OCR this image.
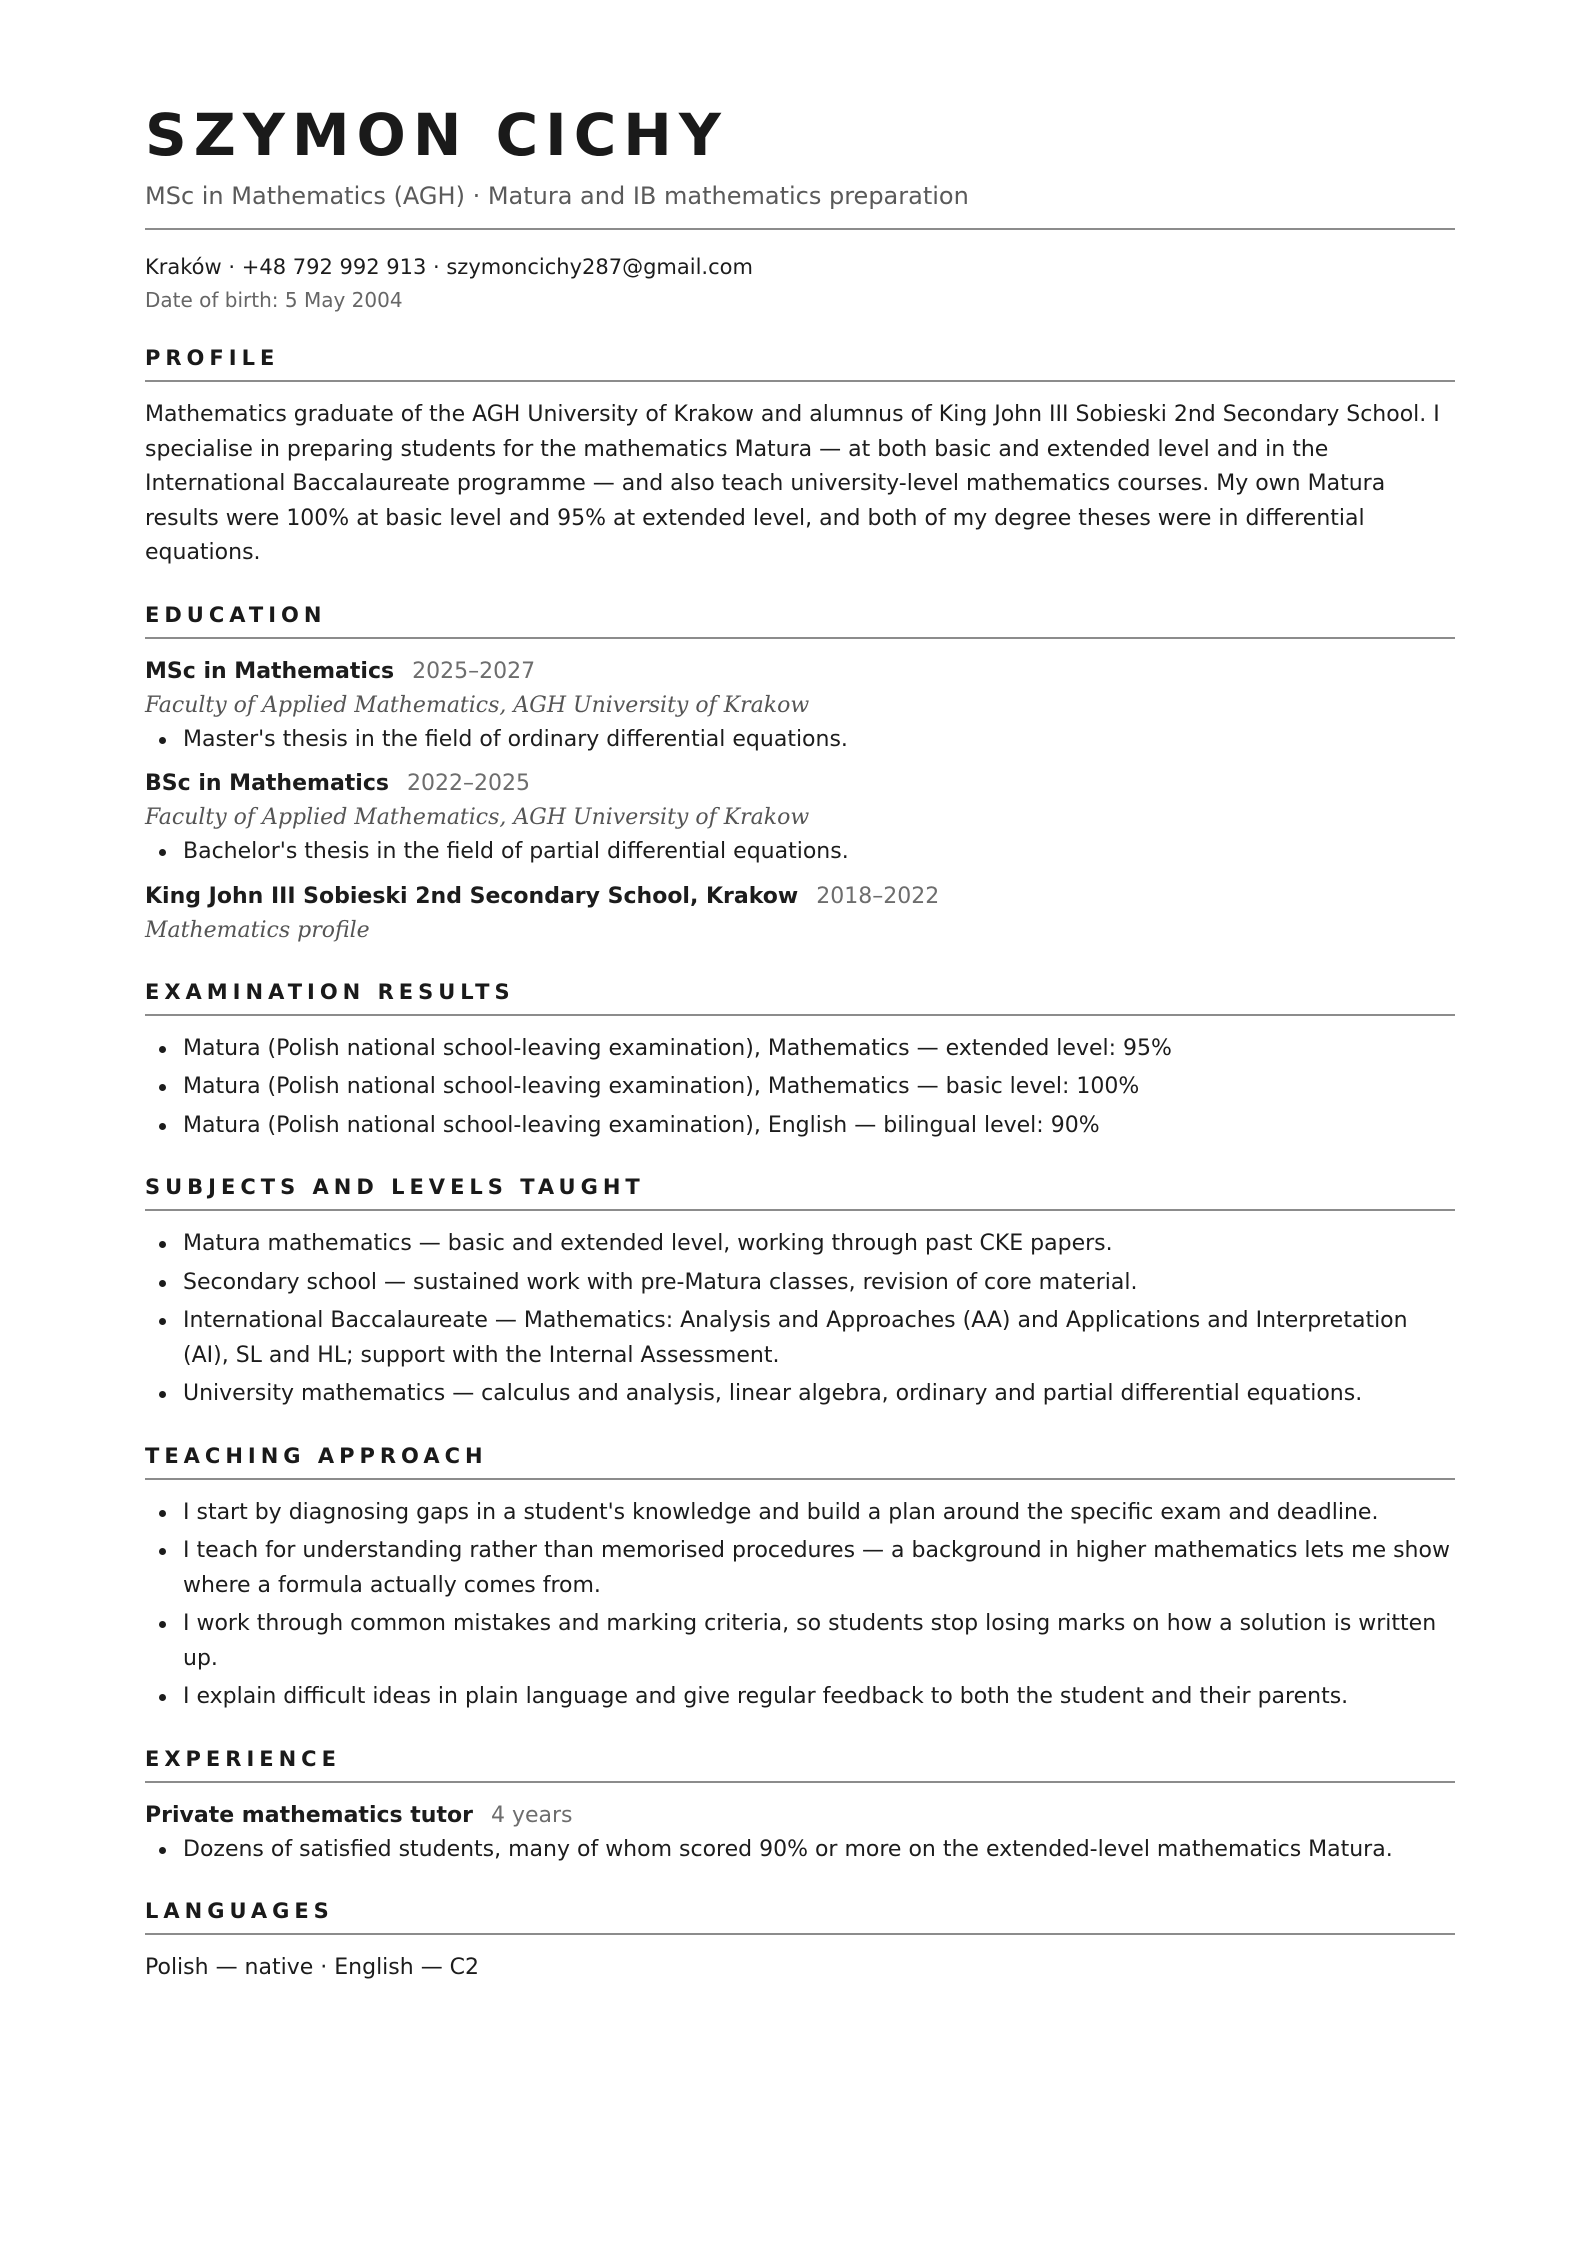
SZYMON CICHY
MSc in Mathematics (AGH) · Matura and IB mathematics preparation
Kraków · +48 792 992 913 · szymoncichy287@gmail.com
Date of birth: 5 May 2004
PROFILE

Mathematics graduate of the AGH University of Krakow and alumnus of King John III Sobieski 2nd Secondary School. I specialise in preparing students for the mathematics Matura — at both basic and extended level and in the International Baccalaureate programme — and also teach university-level mathematics courses. My own Matura results were 100% at basic level and 95% at extended level, and both of my degree theses were in differential equations.

EDUCATION
MSc in Mathematics 2025–2027
Faculty of Applied Mathematics, AGH University of Krakow
Master's thesis in the field of ordinary differential equations.
BSc in Mathematics 2022–2025
Faculty of Applied Mathematics, AGH University of Krakow
Bachelor's thesis in the field of partial differential equations.
King John III Sobieski 2nd Secondary School, Krakow 2018–2022
Mathematics profile
EXAMINATION RESULTS
Matura (Polish national school-leaving examination), Mathematics — extended level: 95%
Matura (Polish national school-leaving examination), Mathematics — basic level: 100%
Matura (Polish national school-leaving examination), English — bilingual level: 90%
SUBJECTS AND LEVELS TAUGHT
Matura mathematics — basic and extended level, working through past CKE papers.
Secondary school — sustained work with pre-Matura classes, revision of core material.
International Baccalaureate — Mathematics: Analysis and Approaches (AA) and Applications and Interpretation (AI), SL and HL; support with the Internal Assessment.
University mathematics — calculus and analysis, linear algebra, ordinary and partial differential equations.
TEACHING APPROACH
I start by diagnosing gaps in a student's knowledge and build a plan around the specific exam and deadline.
I teach for understanding rather than memorised procedures — a background in higher mathematics lets me show where a formula actually comes from.
I work through common mistakes and marking criteria, so students stop losing marks on how a solution is written up.
I explain difficult ideas in plain language and give regular feedback to both the student and their parents.
EXPERIENCE
Private mathematics tutor 4 years
Dozens of satisfied students, many of whom scored 90% or more on the extended-level mathematics Matura.
LANGUAGES
Polish — native · English — C2
